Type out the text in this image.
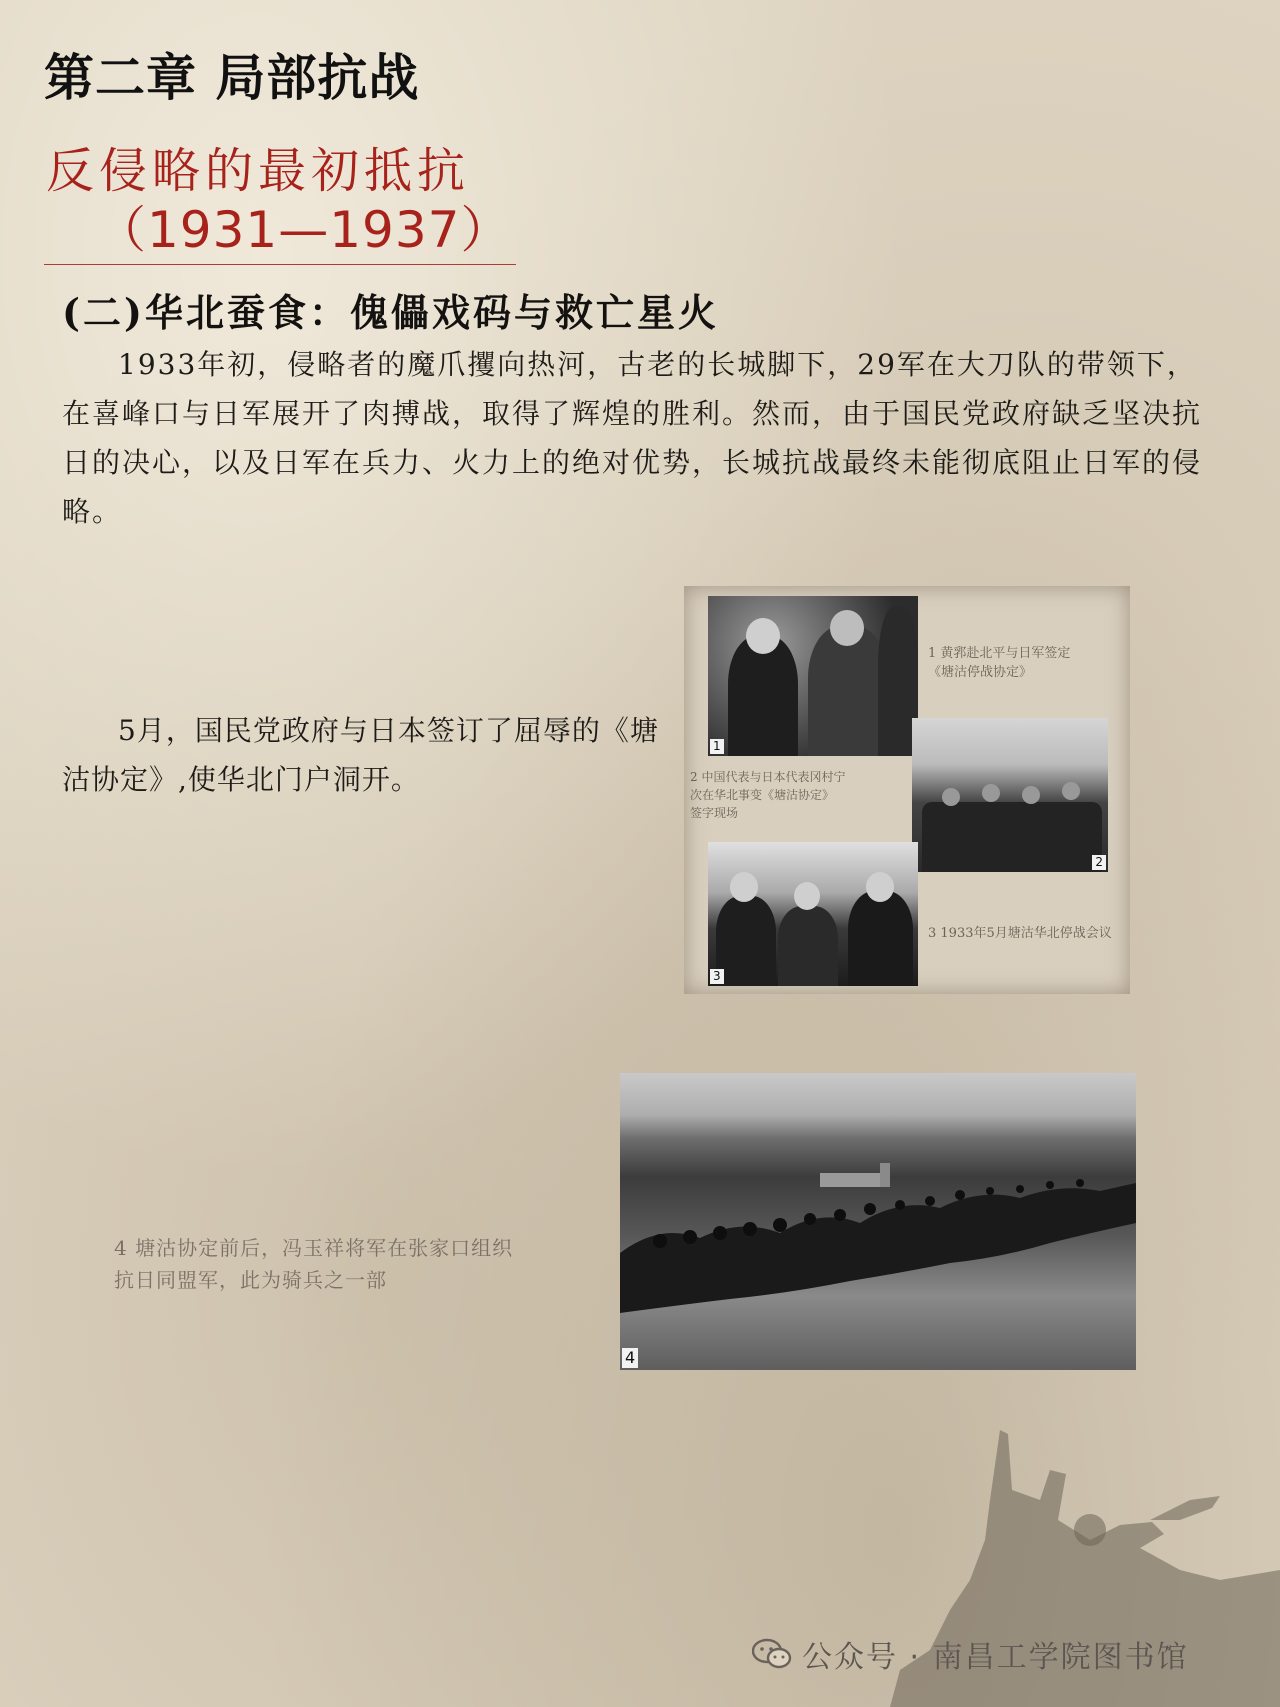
第二章 局部抗战
反侵略的最初抵抗
（1931—1937）
(二)华北蚕食：傀儡戏码与救亡星火
1933年初，侵略者的魔爪攫向热河，古老的长城脚下，29军在大刀队的带领下，在喜峰口与日军展开了肉搏战，取得了辉煌的胜利。然而，由于国民党政府缺乏坚决抗日的决心，以及日军在兵力、火力上的绝对优势，长城抗战最终未能彻底阻止日军的侵略。
5月，国民党政府与日本签订了屈辱的《塘沽协定》,使华北门户洞开。
1
2
3
1 黄郛赴北平与日军签定
《塘沽停战协定》
2 中国代表与日本代表冈村宁
次在华北事变《塘沽协定》
签字现场
3 1933年5月塘沽华北停战会议
4
4 塘沽协定前后，冯玉祥将军在张家口组织
抗日同盟军，此为骑兵之一部
公众号 · 南昌工学院图书馆
